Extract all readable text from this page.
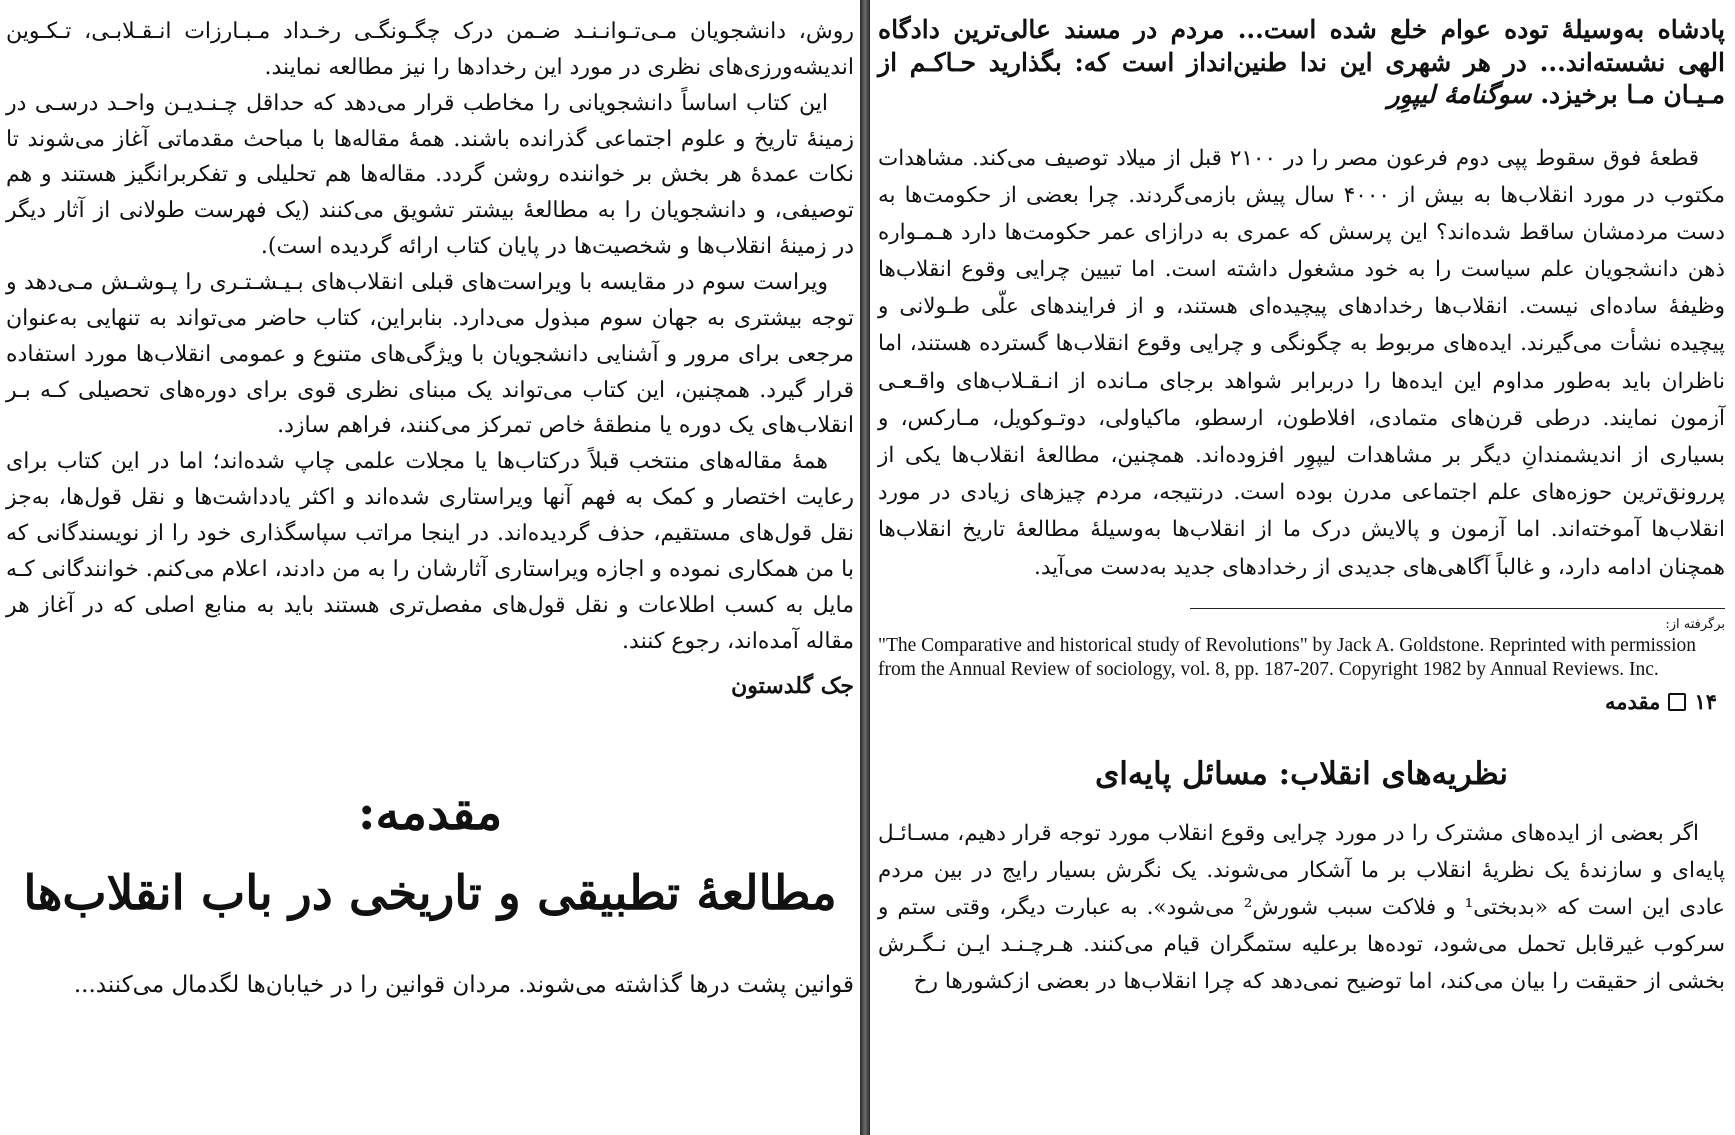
روش، دانشجویان مـی‌تـوانـنـد ضـمن درک چگـونگـی رخـداد مـبـارزات انـقـلابـی، تـکـوین اندیشه‌ورزی‌های نظری در مورد این رخدادها را نیز مطالعه نمایند.

این کتاب اساساً دانشجویانی را مخاطب قرار می‌دهد که حداقل چـنـدیـن واحـد درسـی در زمینهٔ تاریخ و علوم اجتماعی گذرانده باشند. همهٔ مقاله‌ها با مباحث مقدماتی آغاز می‌شوند تا نکات عمدهٔ هر بخش بر خواننده روشن گردد. مقاله‌ها هم تحلیلی و تفکربرانگیز هستند و هم توصیفی، و دانشجویان را به مطالعهٔ بیشتر تشویق می‌کنند (یک فهرست طولانی از آثار دیگر در زمینهٔ انقلاب‌ها و شخصیت‌ها در پایان کتاب ارائه گردیده است).

ویراست سوم در مقایسه با ویراست‌های قبلی انقلاب‌های بـیـشـتـری را پـوشـش مـی‌دهد و توجه بیشتری به جهان سوم مبذول می‌دارد. بنابراین، کتاب حاضر می‌تواند به تنهایی به‌عنوان مرجعی برای مرور و آشنایی دانشجویان با ویژگی‌های متنوع و عمومی انقلاب‌ها مورد استفاده قرار گیرد. همچنین، این کتاب می‌تواند یک مبنای نظری قوی برای دوره‌های تحصیلی کـه بـر انقلاب‌های یک دوره یا منطقهٔ خاص تمرکز می‌کنند، فراهم سازد.

همهٔ مقاله‌های منتخب قبلاً درکتاب‌ها یا مجلات علمی چاپ شده‌اند؛ اما در این کتاب برای رعایت اختصار و کمک به فهم آنها ویراستاری شده‌اند و اکثر یادداشت‌ها و نقل قول‌ها، به‌جز نقل قول‌های مستقیم، حذف گردیده‌اند. در اینجا مراتب سپاسگذاری خود را از نویسندگانی که با من همکاری نموده و اجازه ویراستاری آثارشان را به من دادند، اعلام می‌کنم. خوانندگانی کـه مایل به کسب اطلاعات و نقل قول‌های مفصل‌تری هستند باید به منابع اصلی که در آغاز هر مقاله آمده‌اند، رجوع کنند.

جک گلدستون
مقدمه:
مطالعهٔ تطبیقی و تاریخی در باب انقلاب‌ها
قوانین پشت درها گذاشته می‌شوند. مردان قوانین را در خیابان‌ها لگدمال می‌کنند...
پادشاه به‌وسیلهٔ توده عوام خلع شده است... مردم در مسند عالی‌ترین دادگاه الهی نشسته‌اند... در هر شهری این ندا طنین‌انداز است که: بگذارید حـاکـم از مـیـان مـا برخیزد. سوگنامهٔ لیپوِر

قطعهٔ فوق سقوط پپی دوم فرعون مصر را در ۲۱۰۰ قبل از میلاد توصیف می‌کند. مشاهدات مکتوب در مورد انقلاب‌ها به بیش از ۴۰۰۰ سال پیش بازمی‌گردند. چرا بعضی از حکومت‌ها به دست مردمشان ساقط شده‌اند؟ این پرسش که عمری به درازای عمر حکومت‌ها دارد هـمـواره ذهن دانشجویان علم سیاست را به خود مشغول داشته است. اما تبیین چرایی وقوع انقلاب‌ها وظیفهٔ ساده‌ای نیست. انقلاب‌ها رخدادهای پیچیده‌ای هستند، و از فرایندهای علّی طـولانی و پیچیده نشأت می‌گیرند. ایده‌های مربوط به چگونگی و چرایی وقوع انقلاب‌ها گسترده هستند، اما ناظران باید به‌طور مداوم این ایده‌ها را دربرابر شواهد برجای مـانده از انـقـلاب‌های واقـعـی آزمون نمایند. درطی قرن‌های متمادی، افلاطون، ارسطو، ماکیاولی، دوتـوکویل، مـارکس، و بسیاری از اندیشمندانِ دیگر بر مشاهدات لیپوِر افزوده‌اند. همچنین، مطالعهٔ انقلاب‌ها یکی از پررونق‌ترین حوزه‌های علم اجتماعی مدرن بوده است. درنتیجه، مردم چیزهای زیادی در مورد انقلاب‌ها آموخته‌اند. اما آزمون و پالایش درک ما از انقلاب‌ها به‌وسیلهٔ مطالعهٔ تاریخ انقلاب‌ها همچنان ادامه دارد، و غالباً آگاهی‌های جدیدی از رخدادهای جدید به‌دست می‌آید.

برگرفته از:
"The Comparative and historical study of Revolutions" by Jack A. Goldstone. Reprinted with permission from the Annual Review of sociology, vol. 8, pp. 187-207. Copyright 1982 by Annual Reviews. Inc.
۱۴
مقدمه
نظریه‌های انقلاب: مسائل پایه‌ای

اگر بعضی از ایده‌های مشترک را در مورد چرایی وقوع انقلاب مورد توجه قرار دهیم، مسـائـل پایه‌ای و سازندهٔ یک نظریهٔ انقلاب بر ما آشکار می‌شوند. یک نگرش بسیار رایج در بین مردم عادی این است که «بدبختی¹ و فلاکت سبب شورش² می‌شود». به عبارت دیگر، وقتی ستم و سرکوب غیرقابل تحمل می‌شود، توده‌ها برعلیه ستمگران قیام می‌کنند. هـرچـنـد ایـن نـگـرش بخشی از حقیقت را بیان می‌کند، اما توضیح نمی‌دهد که چرا انقلاب‌ها در بعضی ازکشورها رخ
